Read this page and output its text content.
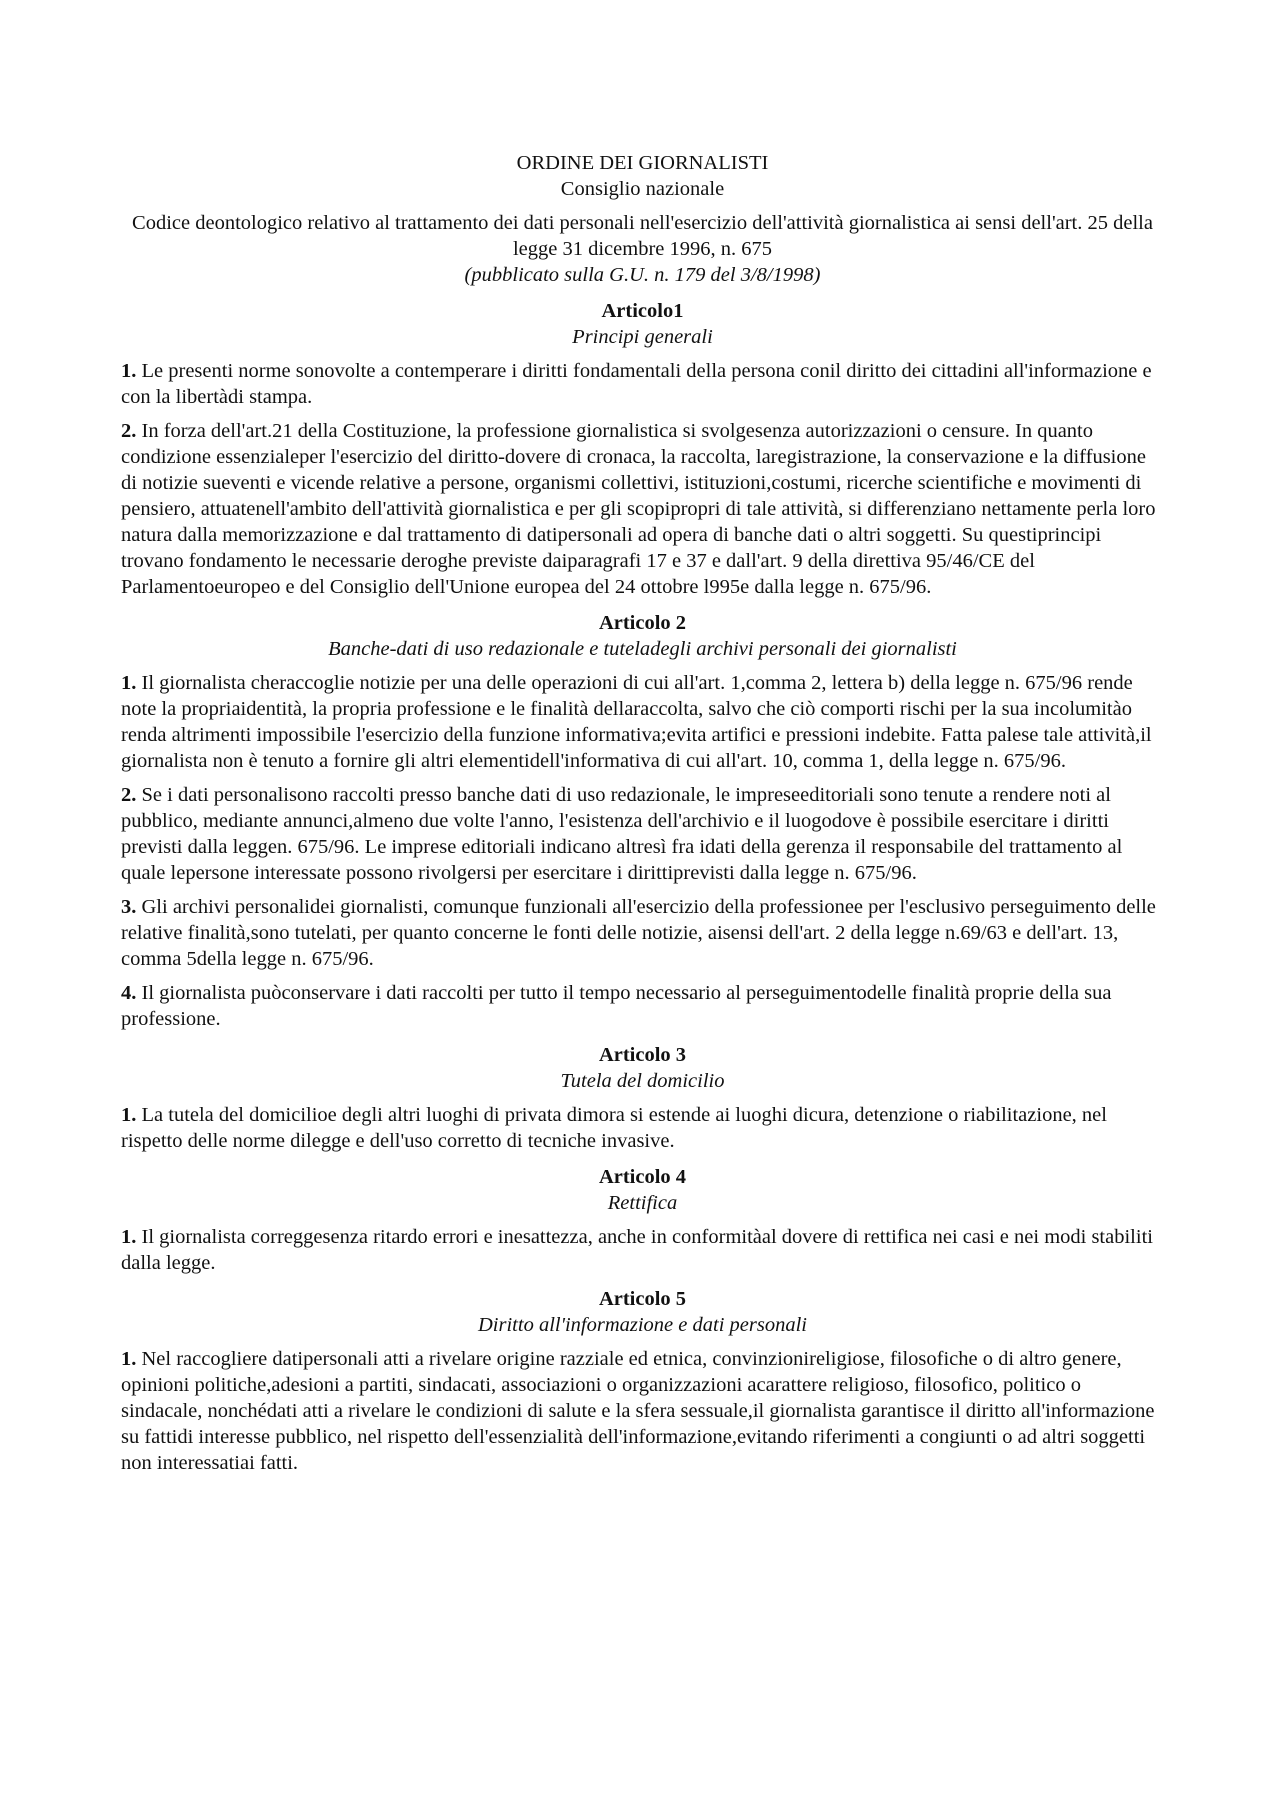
ORDINE DEI GIORNALISTI

Consiglio nazionale

Codice deontologico relativo al trattamento dei dati personali nell'esercizio dell'attività giornalistica ai sensi dell'art. 25 della legge 31 dicembre 1996, n. 675

(pubblicato sulla G.U. n. 179 del 3/8/1998)

Articolo1

Principi generali

1. Le presenti norme sonovolte a contemperare i diritti fondamentali della persona conil diritto dei cittadini all'informazione e con la libertàdi stampa.

2. In forza dell'art.21 della Costituzione, la professione giornalistica si svolgesenza autorizzazioni o censure. In quanto condizione essenzialeper l'esercizio del diritto-dovere di cronaca, la raccolta, laregistrazione, la conservazione e la diffusione di notizie sueventi e vicende relative a persone, organismi collettivi, istituzioni,costumi, ricerche scientifiche e movimenti di pensiero, attuatenell'ambito dell'attività giornalistica e per gli scopipropri di tale attività, si differenziano nettamente perla loro natura dalla memorizzazione e dal trattamento di datipersonali ad opera di banche dati o altri soggetti. Su questiprincipi trovano fondamento le necessarie deroghe previste daiparagrafi 17 e 37 e dall'art. 9 della direttiva 95/46/CE del Parlamentoeuropeo e del Consiglio dell'Unione europea del 24 ottobre l995e dalla legge n. 675/96.

Articolo 2

Banche-dati di uso redazionale e tuteladegli archivi personali dei giornalisti

1. Il giornalista cheraccoglie notizie per una delle operazioni di cui all'art. 1,comma 2, lettera b) della legge n. 675/96 rende note la propriaidentità, la propria professione e le finalità dellaraccolta, salvo che ciò comporti rischi per la sua incolumitào renda altrimenti impossibile l'esercizio della funzione informativa;evita artifici e pressioni indebite. Fatta palese tale attività,il giornalista non è tenuto a fornire gli altri elementidell'informativa di cui all'art. 10, comma 1, della legge n. 675/96.

2. Se i dati personalisono raccolti presso banche dati di uso redazionale, le impreseeditoriali sono tenute a rendere noti al pubblico, mediante annunci,almeno due volte l'anno, l'esistenza dell'archivio e il luogodove è possibile esercitare i diritti previsti dalla leggen. 675/96. Le imprese editoriali indicano altresì fra idati della gerenza il responsabile del trattamento al quale lepersone interessate possono rivolgersi per esercitare i dirittiprevisti dalla legge n. 675/96.

3. Gli archivi personalidei giornalisti, comunque funzionali all'esercizio della professionee per l'esclusivo perseguimento delle relative finalità,sono tutelati, per quanto concerne le fonti delle notizie, aisensi dell'art. 2 della legge n.69/63 e dell'art. 13, comma 5della legge n. 675/96.

4. Il giornalista puòconservare i dati raccolti per tutto il tempo necessario al perseguimentodelle finalità proprie della sua professione.

Articolo 3

Tutela del domicilio

1. La tutela del domicilioe degli altri luoghi di privata dimora si estende ai luoghi dicura, detenzione o riabilitazione, nel rispetto delle norme dilegge e dell'uso corretto di tecniche invasive.

Articolo 4

Rettifica

1. Il giornalista correggesenza ritardo errori e inesattezza, anche in conformitàal dovere di rettifica nei casi e nei modi stabiliti dalla legge.

Articolo 5

Diritto all'informazione e dati personali

1. Nel raccogliere datipersonali atti a rivelare origine razziale ed etnica, convinzionireligiose, filosofiche o di altro genere, opinioni politiche,adesioni a partiti, sindacati, associazioni o organizzazioni acarattere religioso, filosofico, politico o sindacale, nonchédati atti a rivelare le condizioni di salute e la sfera sessuale,il giornalista garantisce il diritto all'informazione su fattidi interesse pubblico, nel rispetto dell'essenzialità dell'informazione,evitando riferimenti a congiunti o ad altri soggetti non interessatiai fatti.
